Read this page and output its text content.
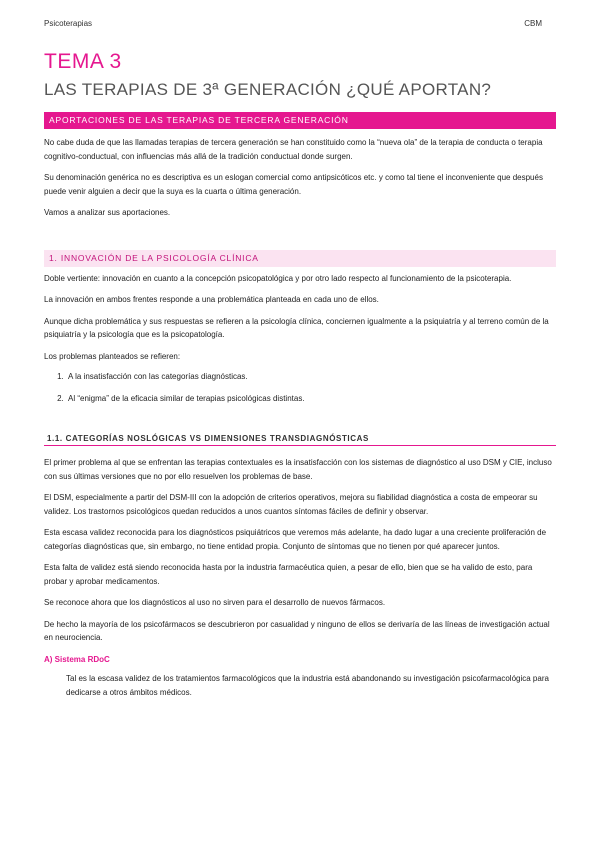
Psicoterapias	CBM
TEMA 3
LAS TERAPIAS DE 3ª GENERACIÓN ¿QUÉ APORTAN?
APORTACIONES DE LAS TERAPIAS DE TERCERA GENERACIÓN

No cabe duda de que las llamadas terapias de tercera generación se han constituido como la “nueva ola” de la terapia de conducta o terapia cognitivo-conductual, con influencias más allá de la tradición conductual donde surgen.

Su denominación genérica no es descriptiva es un eslogan comercial como antipsicóticos etc. y como tal tiene el inconveniente que después puede venir alguien a decir que la suya es la cuarta o última generación.

Vamos a analizar sus aportaciones.

1. INNOVACIÓN DE LA PSICOLOGÍA CLÍNICA

Doble vertiente: innovación en cuanto a la concepción psicopatológica y por otro lado respecto al funcionamiento de la psicoterapia.

La innovación en ambos frentes responde a una problemática planteada en cada uno de ellos.

Aunque dicha problemática y sus respuestas se refieren a la psicología clínica, conciernen igualmente a la psiquiatría y al terreno común de la psiquiatría y la psicología que es la psicopatología.

Los problemas planteados se refieren:

1. A la insatisfacción con las categorías diagnósticas.
2. Al “enigma” de la eficacia similar de terapias psicológicas distintas.
1.1. CATEGORÍAS NOSLÓGICAS VS DIMENSIONES TRANSDIAGNÓSTICAS

El primer problema al que se enfrentan las terapias contextuales es la insatisfacción con los sistemas de diagnóstico al uso DSM y CIE, incluso con sus últimas versiones que no por ello resuelven los problemas de base.

El DSM, especialmente a partir del DSM-III con la adopción de criterios operativos, mejora su fiabilidad diagnóstica a costa de empeorar su validez. Los trastornos psicológicos quedan reducidos a unos cuantos síntomas fáciles de definir y observar.

Esta escasa validez reconocida para los diagnósticos psiquiátricos que veremos más adelante, ha dado lugar a una creciente proliferación de categorías diagnósticas que, sin embargo, no tiene entidad propia. Conjunto de síntomas que no tienen por qué aparecer juntos.

Esta falta de validez está siendo reconocida hasta por la industria farmacéutica quien, a pesar de ello, bien que se ha valido de esto, para probar y aprobar medicamentos.

Se reconoce ahora que los diagnósticos al uso no sirven para el desarrollo de nuevos fármacos.

De hecho la mayoría de los psicofármacos se descubrieron por casualidad y ninguno de ellos se derivaría de las líneas de investigación actual en neurociencia.

A) Sistema RDoC

Tal es la escasa validez de los tratamientos farmacológicos que la industria está abandonando su investigación psicofarmacológica para dedicarse a otros ámbitos médicos.
